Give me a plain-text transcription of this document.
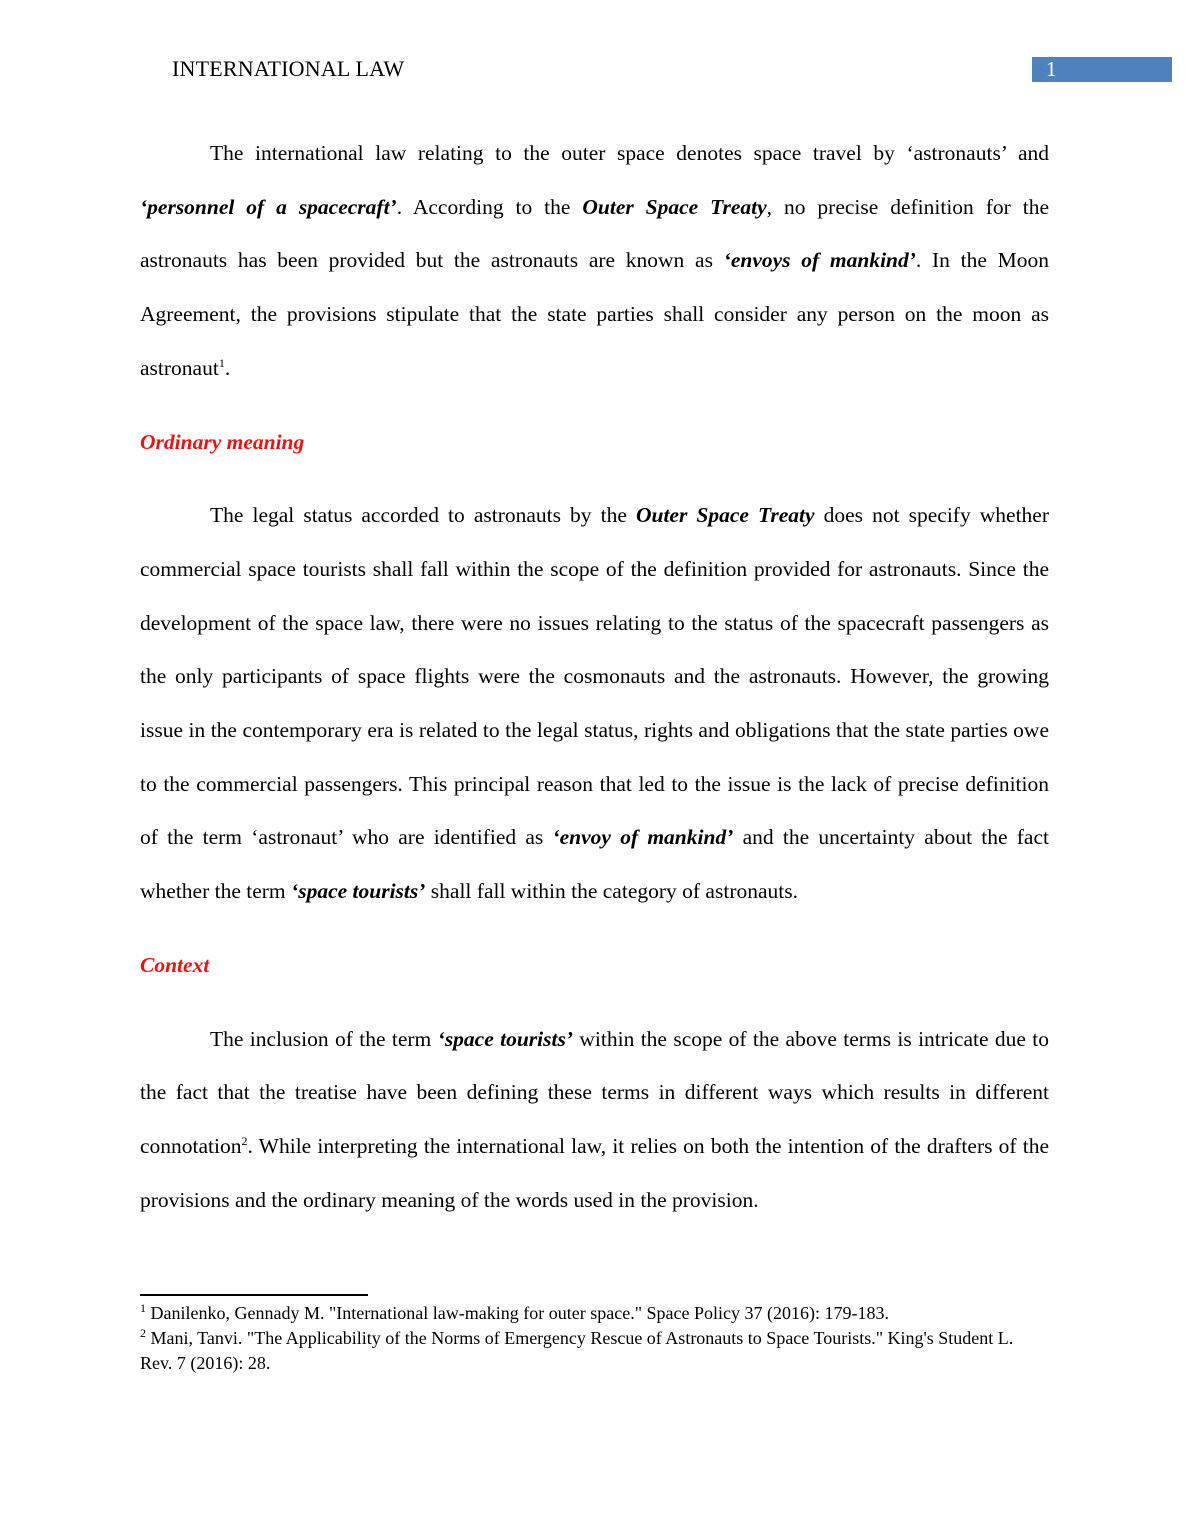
INTERNATIONAL LAW	1

The international law relating to the outer space denotes space travel by ‘astronauts’ and ‘personnel of a spacecraft’. According to the Outer Space Treaty, no precise definition for the astronauts has been provided but the astronauts are known as ‘envoys of mankind’. In the Moon Agreement, the provisions stipulate that the state parties shall consider any person on the moon as astronaut$^1$.

Ordinary meaning

The legal status accorded to astronauts by the Outer Space Treaty does not specify whether commercial space tourists shall fall within the scope of the definition provided for astronauts. Since the development of the space law, there were no issues relating to the status of the spacecraft passengers as the only participants of space flights were the cosmonauts and the astronauts. However, the growing issue in the contemporary era is related to the legal status, rights and obligations that the state parties owe to the commercial passengers. This principal reason that led to the issue is the lack of precise definition of the term ‘astronaut’ who are identified as ‘envoy of mankind’ and the uncertainty about the fact whether the term ‘space tourists’ shall fall within the category of astronauts.

Context

The inclusion of the term ‘space tourists’ within the scope of the above terms is intricate due to the fact that the treatise have been defining these terms in different ways which results in different connotation$^2$. While interpreting the international law, it relies on both the intention of the drafters of the provisions and the ordinary meaning of the words used in the provision.

$^1$ Danilenko, Gennady M. "International law-making for outer space." Space Policy 37 (2016): 179-183.

$^2$ Mani, Tanvi. "The Applicability of the Norms of Emergency Rescue of Astronauts to Space Tourists." King's Student L. Rev. 7 (2016): 28.
